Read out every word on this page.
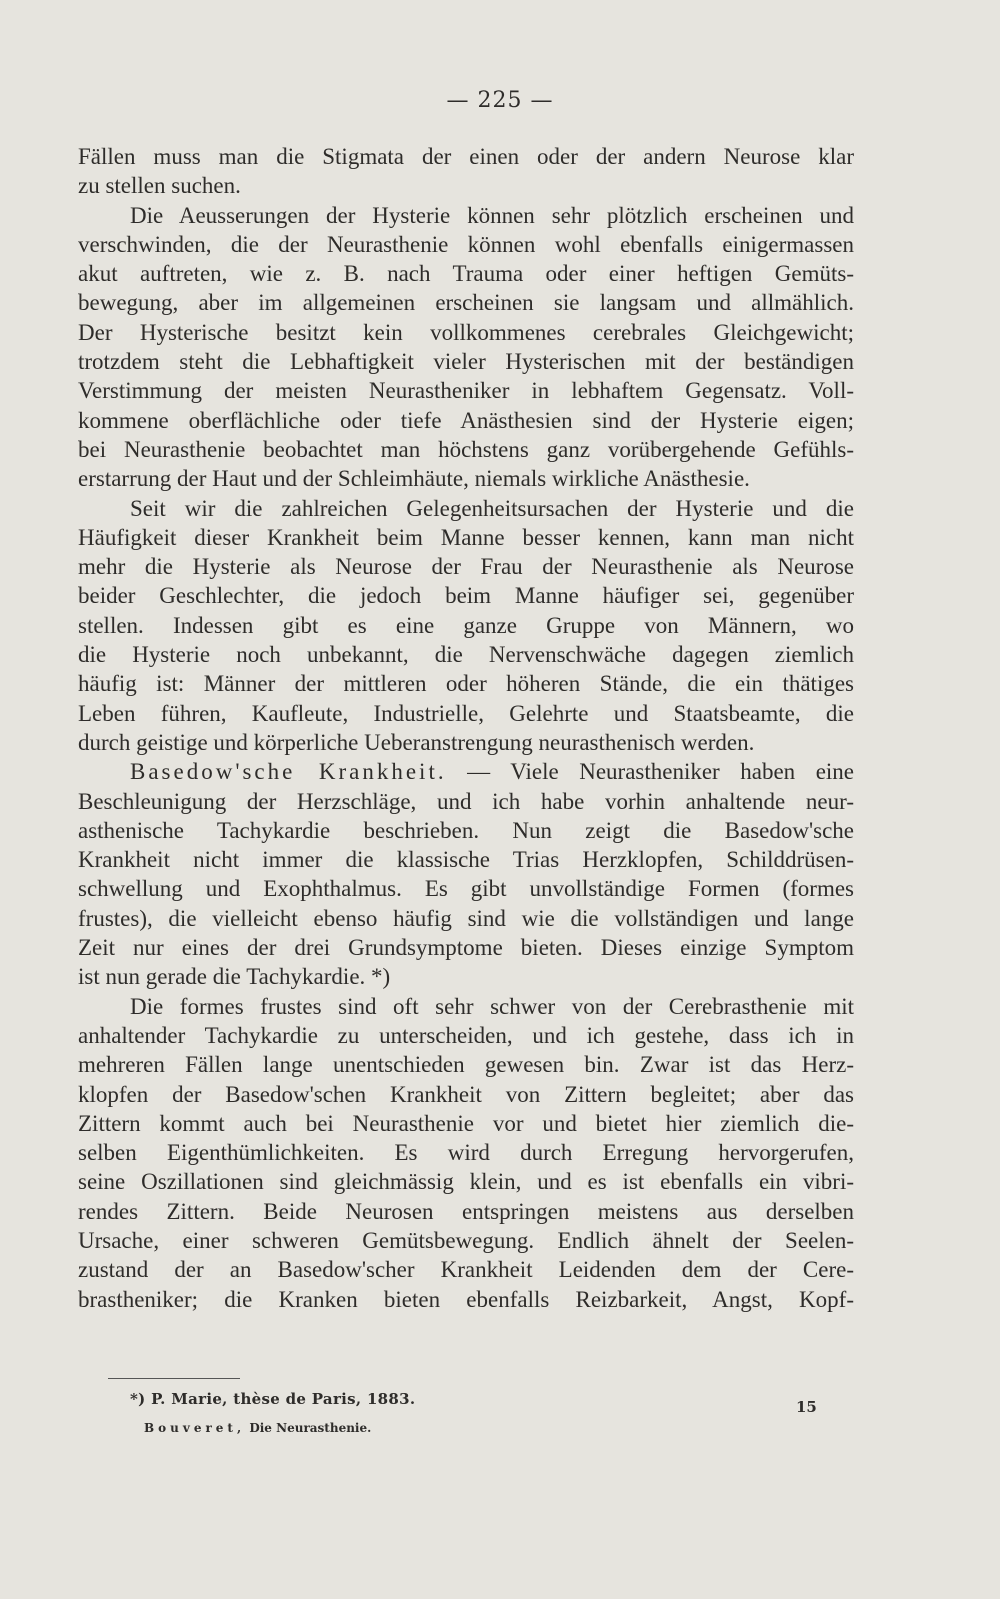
— 225 —
Fällen muss man die Stigmata der einen oder der andern Neurose klar
zu stellen suchen.
Die Aeusserungen der Hysterie können sehr plötzlich erscheinen und
verschwinden, die der Neurasthenie können wohl ebenfalls einigermassen
akut auftreten, wie z. B. nach Trauma oder einer heftigen Gemüts-
bewegung, aber im allgemeinen erscheinen sie langsam und allmählich.
Der Hysterische besitzt kein vollkommenes cerebrales Gleichgewicht;
trotzdem steht die Lebhaftigkeit vieler Hysterischen mit der beständigen
Verstimmung der meisten Neurastheniker in lebhaftem Gegensatz. Voll-
kommene oberflächliche oder tiefe Anästhesien sind der Hysterie eigen;
bei Neurasthenie beobachtet man höchstens ganz vorübergehende Gefühls-
erstarrung der Haut und der Schleimhäute, niemals wirkliche Anästhesie.
Seit wir die zahlreichen Gelegenheitsursachen der Hysterie und die
Häufigkeit dieser Krankheit beim Manne besser kennen, kann man nicht
mehr die Hysterie als Neurose der Frau der Neurasthenie als Neurose
beider Geschlechter, die jedoch beim Manne häufiger sei, gegenüber
stellen. Indessen gibt es eine ganze Gruppe von Männern, wo
die Hysterie noch unbekannt, die Nervenschwäche dagegen ziemlich
häufig ist: Männer der mittleren oder höheren Stände, die ein thätiges
Leben führen, Kaufleute, Industrielle, Gelehrte und Staatsbeamte, die
durch geistige und körperliche Ueberanstrengung neurasthenisch werden.
Basedow'sche Krankheit. — Viele Neurastheniker haben eine
Beschleunigung der Herzschläge, und ich habe vorhin anhaltende neur-
asthenische Tachykardie beschrieben. Nun zeigt die Basedow'sche
Krankheit nicht immer die klassische Trias Herzklopfen, Schilddrüsen-
schwellung und Exophthalmus. Es gibt unvollständige Formen (formes
frustes), die vielleicht ebenso häufig sind wie die vollständigen und lange
Zeit nur eines der drei Grundsymptome bieten. Dieses einzige Symptom
ist nun gerade die Tachykardie. *)
Die formes frustes sind oft sehr schwer von der Cerebrasthenie mit
anhaltender Tachykardie zu unterscheiden, und ich gestehe, dass ich in
mehreren Fällen lange unentschieden gewesen bin. Zwar ist das Herz-
klopfen der Basedow'schen Krankheit von Zittern begleitet; aber das
Zittern kommt auch bei Neurasthenie vor und bietet hier ziemlich die-
selben Eigenthümlichkeiten. Es wird durch Erregung hervorgerufen,
seine Oszillationen sind gleichmässig klein, und es ist ebenfalls ein vibri-
rendes Zittern. Beide Neurosen entspringen meistens aus derselben
Ursache, einer schweren Gemütsbewegung. Endlich ähnelt der Seelen-
zustand der an Basedow'scher Krankheit Leidenden dem der Cere-
brastheniker; die Kranken bieten ebenfalls Reizbarkeit, Angst, Kopf-
*) P. Marie, thèse de Paris, 1883.	15
Bouveret, Die Neurasthenie.
